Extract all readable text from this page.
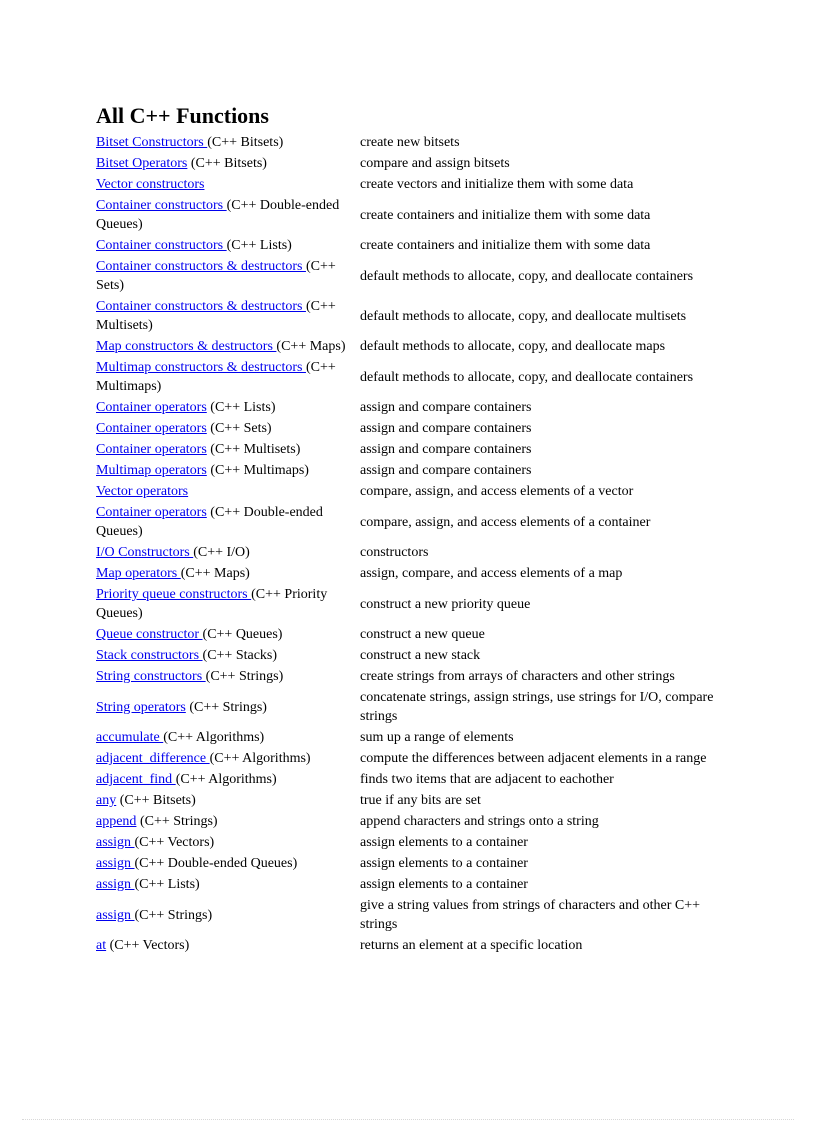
All C++ Functions
Bitset Constructors (C++ Bitsets)	create new bitsets
Bitset Operators (C++ Bitsets)	compare and assign bitsets
Vector constructors	create vectors and initialize them with some data
Container constructors (C++ Double-ended Queues)	create containers and initialize them with some data
Container constructors (C++ Lists)	create containers and initialize them with some data
Container constructors & destructors (C++ Sets)	default methods to allocate, copy, and deallocate containers
Container constructors & destructors (C++ Multisets)	default methods to allocate, copy, and deallocate multisets
Map constructors & destructors (C++ Maps)	default methods to allocate, copy, and deallocate maps
Multimap constructors & destructors (C++ Multimaps)	default methods to allocate, copy, and deallocate containers
Container operators (C++ Lists)	assign and compare containers
Container operators (C++ Sets)	assign and compare containers
Container operators (C++ Multisets)	assign and compare containers
Multimap operators (C++ Multimaps)	assign and compare containers
Vector operators	compare, assign, and access elements of a vector
Container operators (C++ Double-ended Queues)	compare, assign, and access elements of a container
I/O Constructors (C++ I/O)	constructors
Map operators (C++ Maps)	assign, compare, and access elements of a map
Priority queue constructors (C++ Priority Queues)	construct a new priority queue
Queue constructor (C++ Queues)	construct a new queue
Stack constructors (C++ Stacks)	construct a new stack
String constructors (C++ Strings)	create strings from arrays of characters and other strings
String operators (C++ Strings)	concatenate strings, assign strings, use strings for I/O, compare strings
accumulate (C++ Algorithms)	sum up a range of elements
adjacent_difference (C++ Algorithms)	compute the differences between adjacent elements in a range
adjacent_find (C++ Algorithms)	finds two items that are adjacent to eachother
any (C++ Bitsets)	true if any bits are set
append (C++ Strings)	append characters and strings onto a string
assign (C++ Vectors)	assign elements to a container
assign (C++ Double-ended Queues)	assign elements to a container
assign (C++ Lists)	assign elements to a container
assign (C++ Strings)	give a string values from strings of characters and other C++ strings
at (C++ Vectors)	returns an element at a specific location
